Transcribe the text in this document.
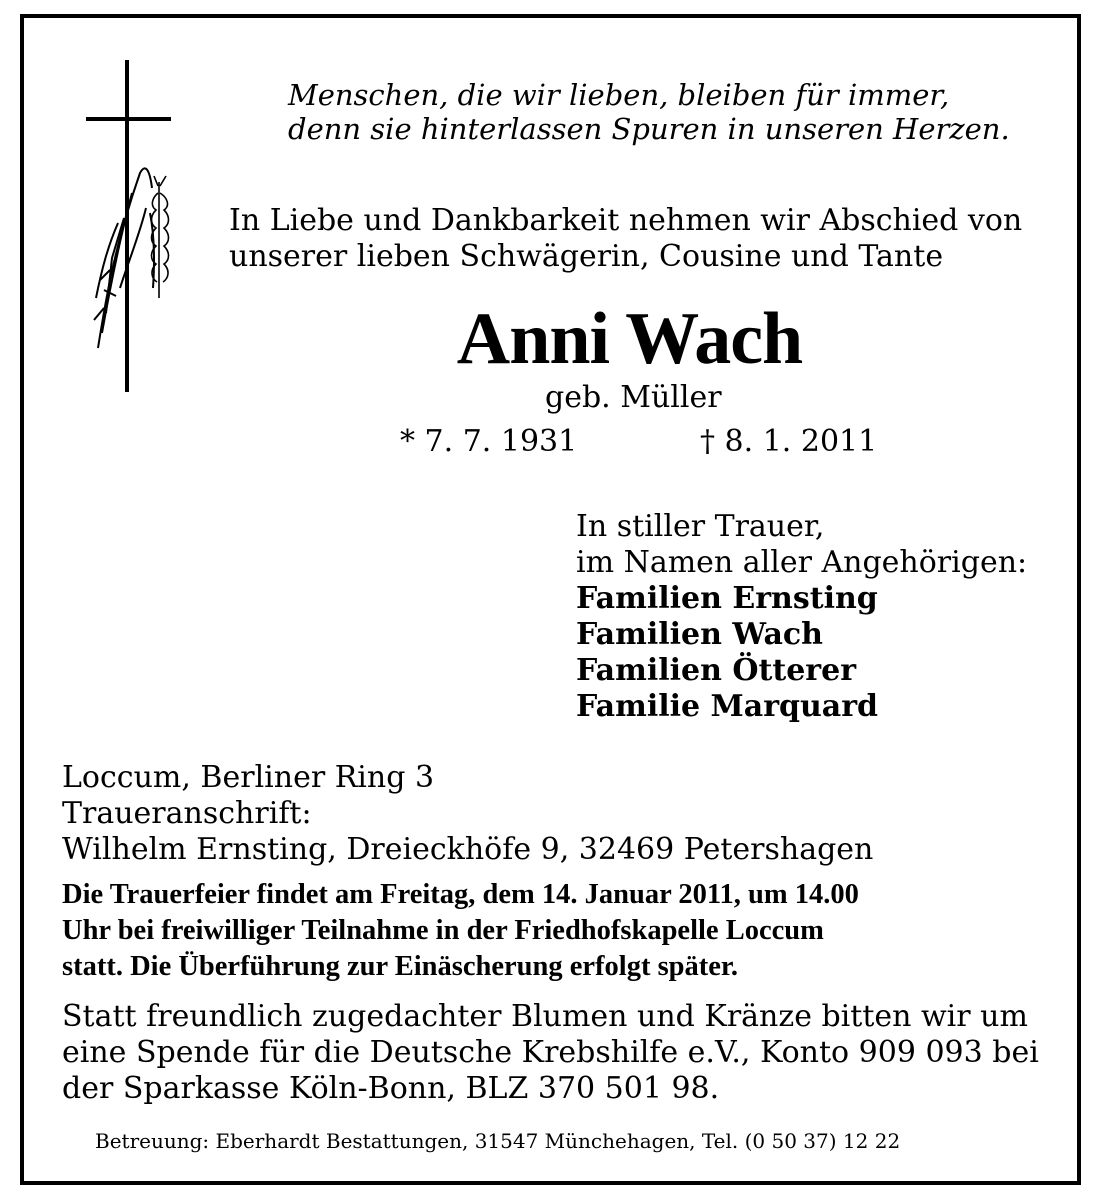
Menschen, die wir lieben, bleiben für immer,
denn sie hinterlassen Spuren in unseren Herzen.
In Liebe und Dankbarkeit nehmen wir Abschied von
unserer lieben Schwägerin, Cousine und Tante
Anni Wach
geb. Müller
* 7. 7. 1931	† 8. 1. 2011
In stiller Trauer,
im Namen aller Angehörigen:
Familien Ernsting
Familien Wach
Familien Ötterer
Familie Marquard
Loccum, Berliner Ring 3
Traueranschrift:
Wilhelm Ernsting, Dreieckhöfe 9, 32469 Petershagen
Die Trauerfeier findet am Freitag, dem 14. Januar 2011, um 14.00
Uhr bei freiwilliger Teilnahme in der Friedhofskapelle Loccum
statt. Die Überführung zur Einäscherung erfolgt später.
Statt freundlich zugedachter Blumen und Kränze bitten wir um
eine Spende für die Deutsche Krebshilfe e.V., Konto 909 093 bei
der Sparkasse Köln-Bonn, BLZ 370 501 98.
Betreuung: Eberhardt Bestattungen, 31547 Münchehagen, Tel. (0 50 37) 12 22
